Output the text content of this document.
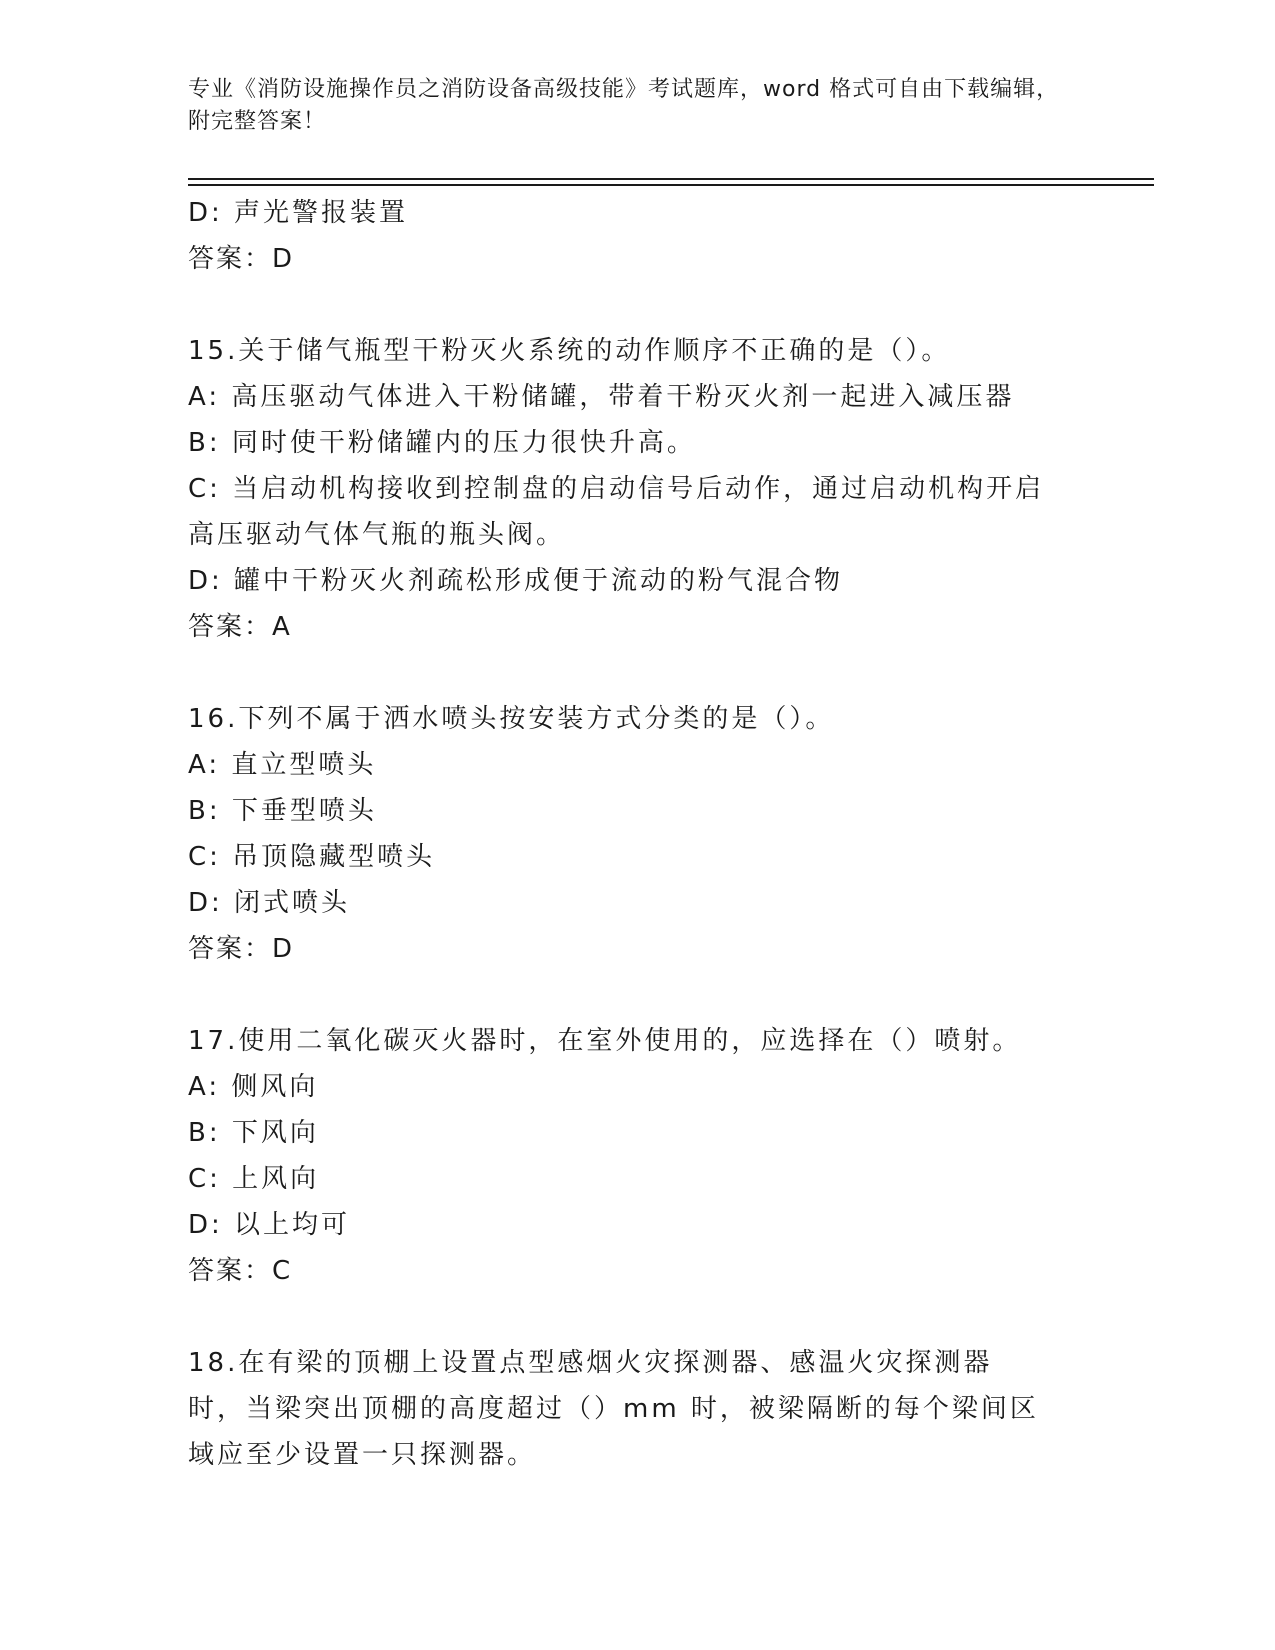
专业《消防设施操作员之消防设备高级技能》考试题库，word 格式可自由下载编辑，附完整答案！
D: 声光警报装置
答案：D
15.关于储气瓶型干粉灭火系统的动作顺序不正确的是（）。
A: 高压驱动气体进入干粉储罐，带着干粉灭火剂一起进入减压器
B: 同时使干粉储罐内的压力很快升高。
C: 当启动机构接收到控制盘的启动信号后动作，通过启动机构开启高压驱动气体气瓶的瓶头阀。
D: 罐中干粉灭火剂疏松形成便于流动的粉气混合物
答案：A
16.下列不属于洒水喷头按安装方式分类的是（）。
A: 直立型喷头
B: 下垂型喷头
C: 吊顶隐藏型喷头
D: 闭式喷头
答案：D
17.使用二氧化碳灭火器时，在室外使用的，应选择在（）喷射。
A: 侧风向
B: 下风向
C: 上风向
D: 以上均可
答案：C
18.在有梁的顶棚上设置点型感烟火灾探测器、感温火灾探测器时，当梁突出顶棚的高度超过（）mm 时，被梁隔断的每个梁间区域应至少设置一只探测器。
